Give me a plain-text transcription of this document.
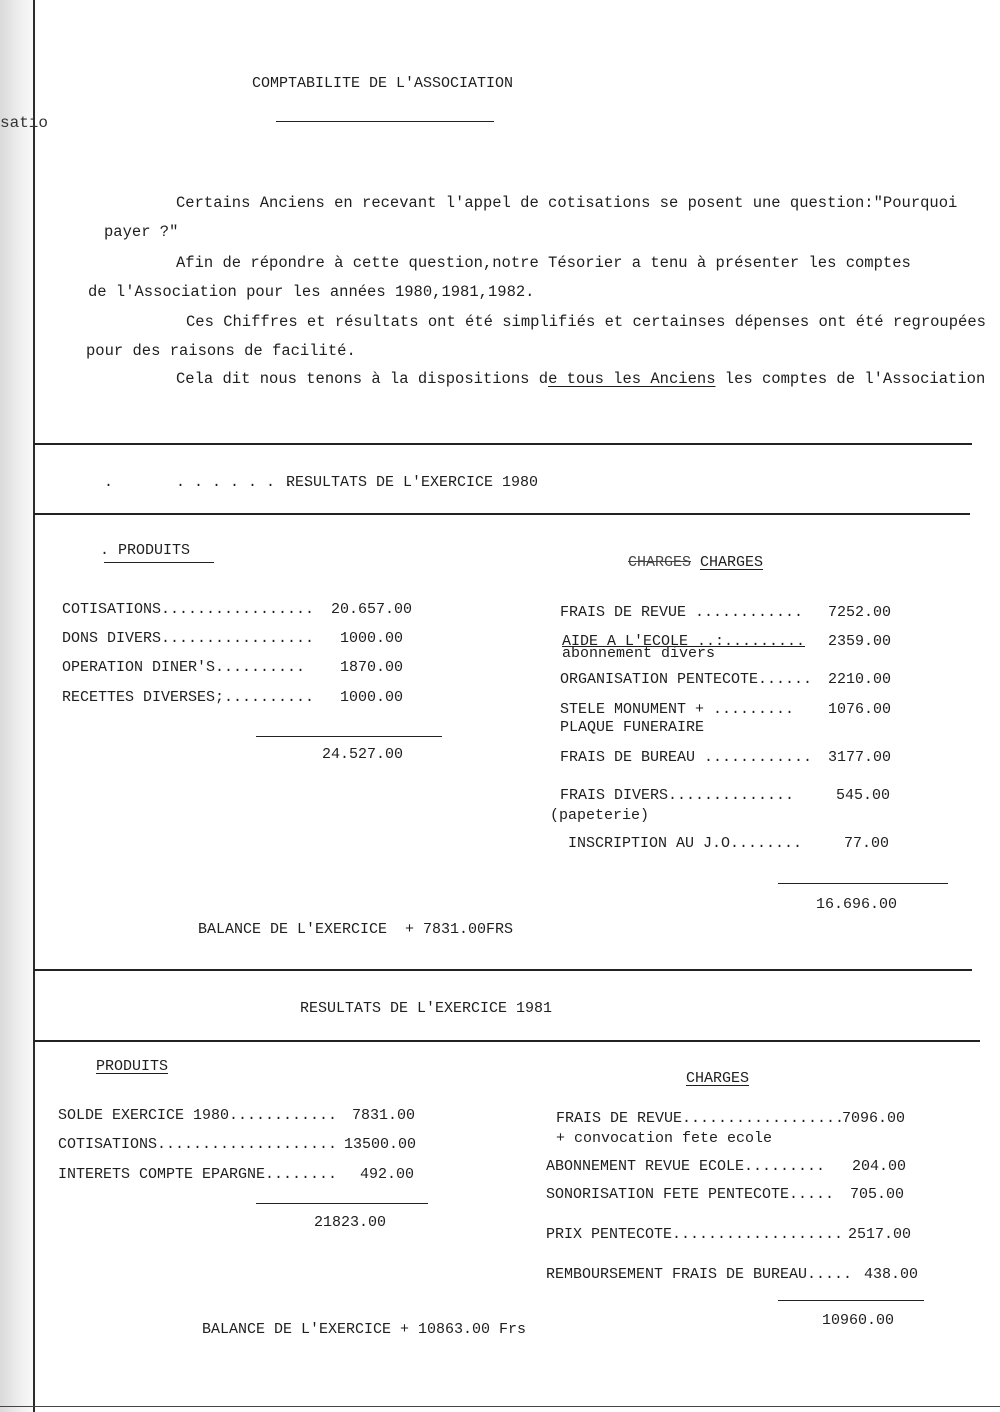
satio
COMPTABILITE DE L'ASSOCIATION
Certains Anciens en recevant l'appel de cotisations se posent une question:"Pourquoi
payer ?"
Afin de répondre à cette question,notre Tésorier a tenu à présenter les comptes
de l'Association pour les années 1980,1981,1982.
Ces Chiffres et résultats ont été simplifiés et certainses dépenses ont été regroupées
pour des raisons de facilité.
Cela dit nous tenons à la dispositions de tous les Anciens les comptes de l'Association
.       . . . . . . . .
RESULTATS DE L'EXERCICE 1980
. PRODUITS
CHARGES CHARGES
COTISATIONS................. 20.657.00
DONS DIVERS................. 1000.00
OPERATION DINER'S.......... 1870.00
RECETTES DIVERSES;.......... 1000.00
24.527.00
FRAIS DE REVUE ............ 7252.00
AIDE A L'ECOLE ..:......... 2359.00
abonnement divers
ORGANISATION PENTECOTE...... 2210.00
STELE MONUMENT + ......... 1076.00
PLAQUE FUNERAIRE
FRAIS DE BUREAU ............ 3177.00
FRAIS DIVERS..............	545.00
(papeterie)
INSCRIPTION AU J.O........	77.00
16.696.00
BALANCE DE L'EXERCICE  + 7831.00FRS
RESULTATS DE L'EXERCICE 1981
PRODUITS
CHARGES
SOLDE EXERCICE 1980............ 7831.00
COTISATIONS.................... 13500.00
INTERETS COMPTE EPARGNE........ 492.00
21823.00
FRAIS DE REVUE..................
7096.00
+ convocation fete ecole
ABONNEMENT REVUE ECOLE......... 204.00
SONORISATION FETE PENTECOTE..... 705.00
PRIX PENTECOTE................... 2517.00
REMBOURSEMENT FRAIS DE BUREAU..... 438.00
10960.00
BALANCE DE L'EXERCICE + 10863.00 Frs
